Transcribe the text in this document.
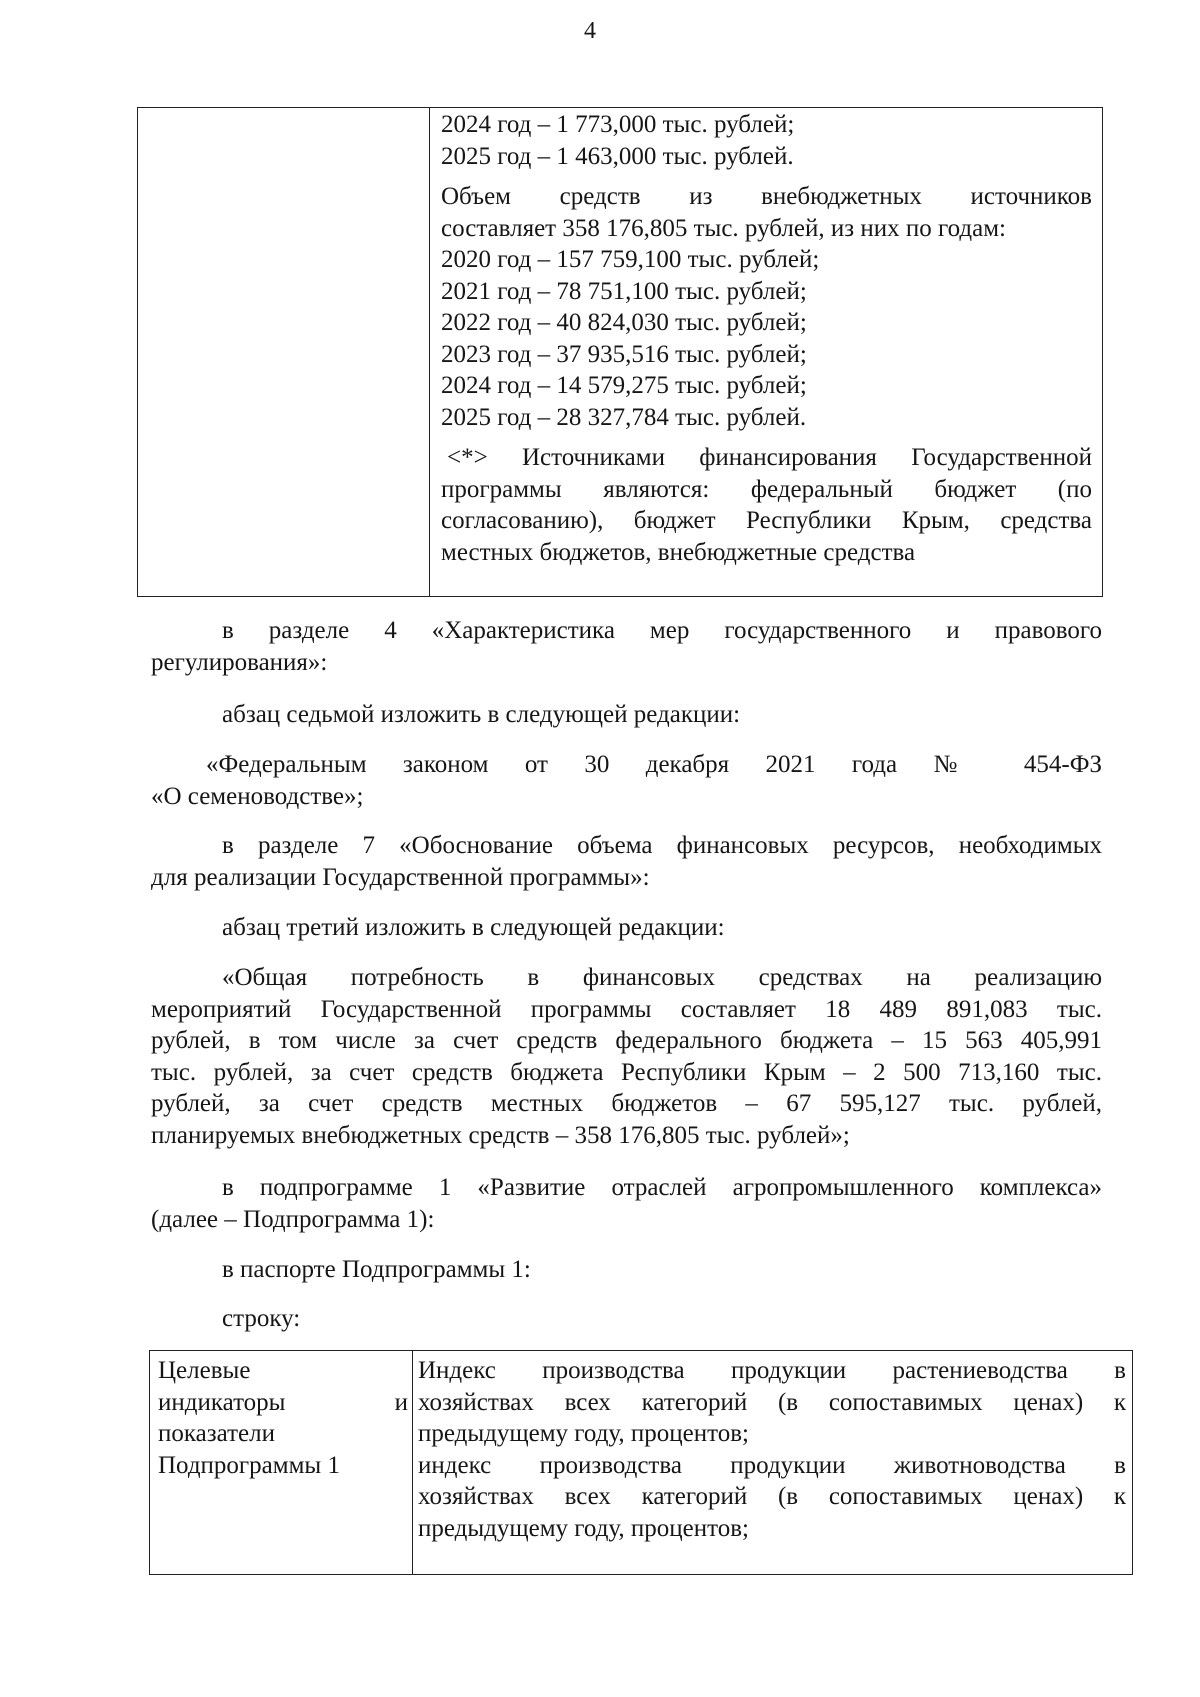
4
2024 год – 1 773,000 тыс. рублей;
2025 год – 1 463,000 тыс. рублей.
Объем средств из внебюджетных источников
составляет 358 176,805 тыс. рублей, из них по годам:
2020 год – 157 759,100 тыс. рублей;
2021 год – 78 751,100 тыс. рублей;
2022 год – 40 824,030 тыс. рублей;
2023 год – 37 935,516 тыс. рублей;
2024 год – 14 579,275 тыс. рублей;
2025 год – 28 327,784 тыс. рублей.
<*> Источниками финансирования Государственной
программы являются: федеральный бюджет (по
согласованию), бюджет Республики Крым, средства
местных бюджетов, внебюджетные средства
в разделе 4 «Характеристика мер государственного и правового
регулирования»:
абзац седьмой изложить в следующей редакции:
«Федеральным законом от 30 декабря 2021 года № 454-ФЗ
«О семеноводстве»;
в разделе 7 «Обоснование объема финансовых ресурсов, необходимых
для реализации Государственной программы»:
абзац третий изложить в следующей редакции:
«Общая потребность в финансовых средствах на реализацию
мероприятий Государственной программы составляет 18 489 891,083 тыс.
рублей, в том числе за счет средств федерального бюджета – 15 563 405,991
тыс. рублей, за счет средств бюджета Республики Крым – 2 500 713,160 тыс.
рублей, за счет средств местных бюджетов – 67 595,127 тыс. рублей,
планируемых внебюджетных средств – 358 176,805 тыс. рублей»;
в подпрограмме 1 «Развитие отраслей агропромышленного комплекса»
(далее – Подпрограмма 1):
в паспорте Подпрограммы 1:
строку:
Целевые
индикаторы и
показатели
Подпрограммы 1
Индекс производства продукции растениеводства в
хозяйствах всех категорий (в сопоставимых ценах) к
предыдущему году, процентов;
индекс производства продукции животноводства в
хозяйствах всех категорий (в сопоставимых ценах) к
предыдущему году, процентов;
